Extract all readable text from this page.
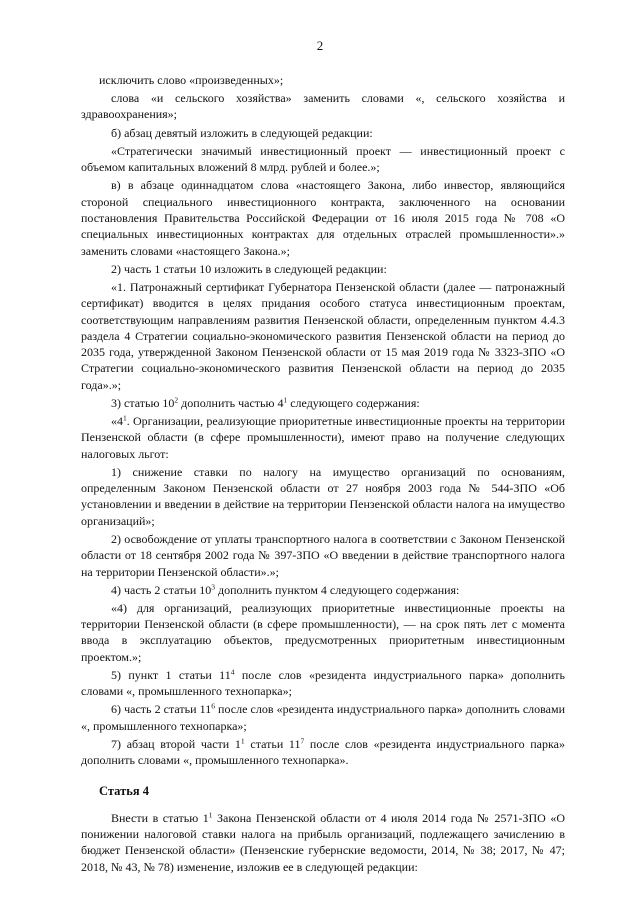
2

исключить слово «произведенных»;

слова «и сельского хозяйства» заменить словами «, сельского хозяйства и здравоохранения»;

б) абзац девятый изложить в следующей редакции:

«Стратегически значимый инвестиционный проект — инвестиционный проект с объемом капитальных вложений 8 млрд. рублей и более.»;

в) в абзаце одиннадцатом слова «настоящего Закона, либо инвестор, являющийся стороной специального инвестиционного контракта, заключенного на основании постановления Правительства Российской Федерации от 16 июля 2015 года № 708 «О специальных инвестиционных контрактах для отдельных отраслей промышленности».» заменить словами «настоящего Закона.»;

2) часть 1 статьи 10 изложить в следующей редакции:

«1. Патронажный сертификат Губернатора Пензенской области (далее — патронажный сертификат) вводится в целях придания особого статуса инвестиционным проектам, соответствующим направлениям развития Пензенской области, определенным пунктом 4.4.3 раздела 4 Стратегии социально-экономического развития Пензенской области на период до 2035 года, утвержденной Законом Пензенской области от 15 мая 2019 года № 3323-ЗПО «О Стратегии социально-экономического развития Пензенской области на период до 2035 года».»;

3) статью $10^2$ дополнить частью $4^1$ следующего содержания:

«$4^1$. Организации, реализующие приоритетные инвестиционные проекты на территории Пензенской области (в сфере промышленности), имеют право на получение следующих налоговых льгот:

1) снижение ставки по налогу на имущество организаций по основаниям, определенным Законом Пензенской области от 27 ноября 2003 года № 544-ЗПО «Об установлении и введении в действие на территории Пензенской области налога на имущество организаций»;

2) освобождение от уплаты транспортного налога в соответствии с Законом Пензенской области от 18 сентября 2002 года № 397-ЗПО «О введении в действие транспортного налога на территории Пензенской области».»;

4) часть 2 статьи $10^3$ дополнить пунктом 4 следующего содержания:

«4) для организаций, реализующих приоритетные инвестиционные проекты на территории Пензенской области (в сфере промышленности), — на срок пять лет с момента ввода в эксплуатацию объектов, предусмотренных приоритетным инвестиционным проектом.»;

5) пункт 1 статьи $11^4$ после слов «резидента индустриального парка» дополнить словами «, промышленного технопарка»;

6) часть 2 статьи $11^6$ после слов «резидента индустриального парка» дополнить словами «, промышленного технопарка»;

7) абзац второй части $1^1$ статьи $11^7$ после слов «резидента индустриального парка» дополнить словами «, промышленного технопарка».

Статья 4

Внести в статью $1^1$ Закона Пензенской области от 4 июля 2014 года № 2571-ЗПО «О понижении налоговой ставки налога на прибыль организаций, подлежащего зачислению в бюджет Пензенской области» (Пензенские губернские ведомости, 2014, № 38; 2017, № 47; 2018, № 43, № 78) изменение, изложив ее в следующей редакции:
